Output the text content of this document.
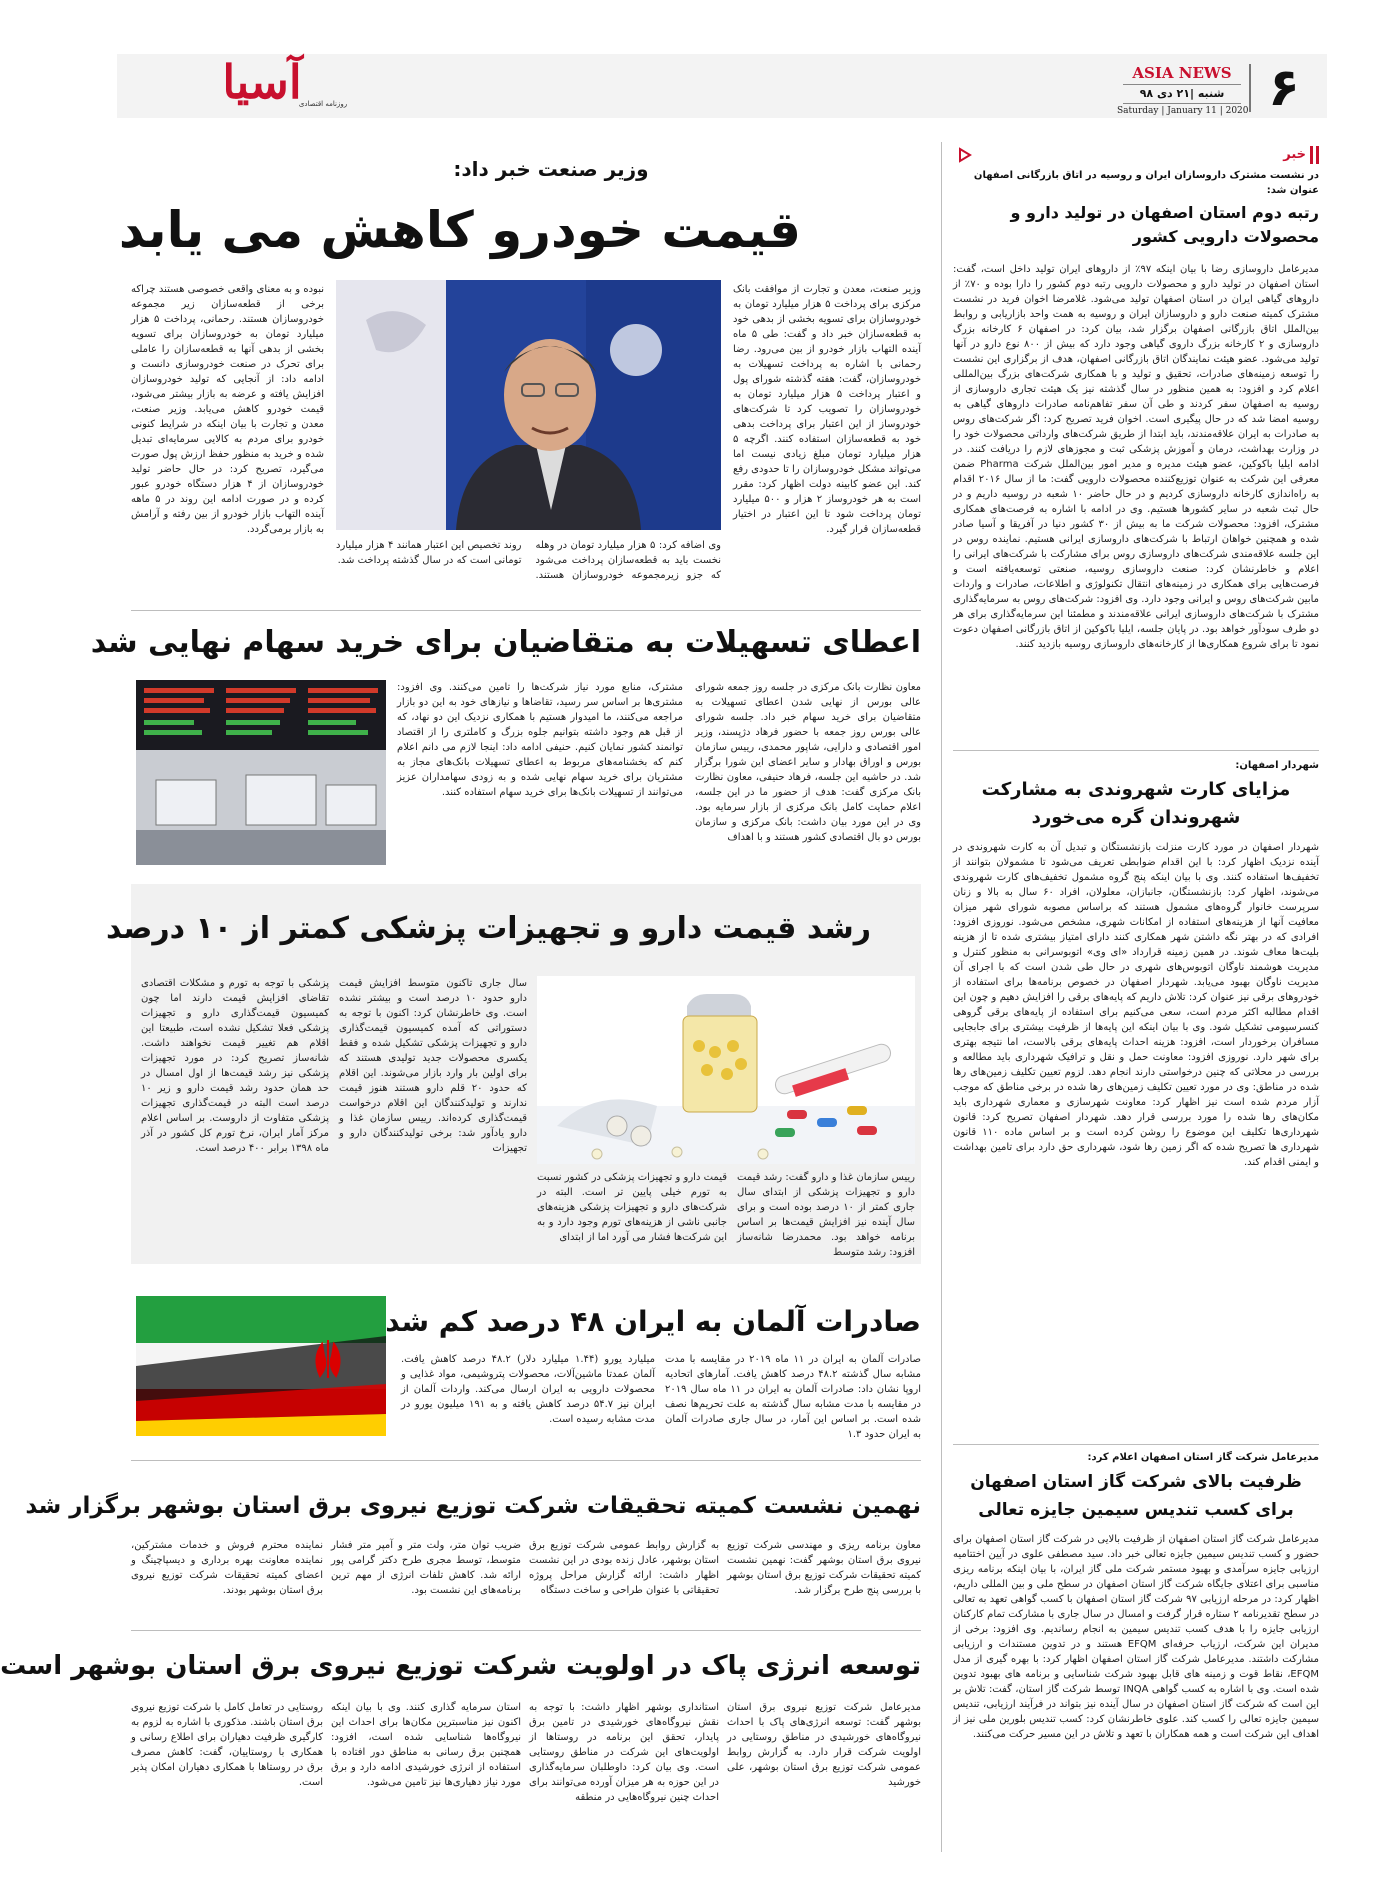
۶
ASIA NEWS
شنبه |۲۱ دی ۹۸
Saturday | January 11 | 2020
آسیا
روزنامه اقتصادی
خبر
در نشست مشترک داروسازان ایران و روسیه در اتاق بازرگانی اصفهان عنوان شد:
رتبه دوم استان اصفهان در تولید دارو و محصولات دارویی کشور
مدیرعامل داروسازی رضا با بیان اینکه ۹۷٪ از داروهای ایران تولید داخل است، گفت: استان اصفهان در تولید دارو و محصولات دارویی رتبه دوم کشور را دارا بوده و ۷۰٪ از داروهای گیاهی ایران در استان اصفهان تولید می‌شود. غلامرضا اخوان فرید در نشست مشترک کمیته صنعت دارو و داروسازان ایران و روسیه به همت واحد بازاریابی و روابط بین‌الملل اتاق بازرگانی اصفهان برگزار شد، بیان کرد: در اصفهان ۶ کارخانه بزرگ داروسازی و ۲ کارخانه بزرگ داروی گیاهی وجود دارد که بیش از ۸۰۰ نوع دارو در آنها تولید می‌شود. عضو هیئت نمایندگان اتاق بازرگانی اصفهان، هدف از برگزاری این نشست را توسعه زمینه‌های صادرات، تحقیق و تولید و با همکاری شرکت‌های بزرگ بین‌المللی اعلام کرد و افزود: به همین منظور در سال گذشته نیز یک هیئت تجاری داروسازی از روسیه به اصفهان سفر کردند و طی آن سفر تفاهم‌نامه صادرات داروهای گیاهی به روسیه امضا شد که در حال پیگیری است. اخوان فرید تصریح کرد: اگر شرکت‌های روس به صادرات به ایران علاقه‌مندند، باید ابتدا از طریق شرکت‌های وارداتی محصولات خود را در وزارت بهداشت، درمان و آموزش پزشکی ثبت و مجوزهای لازم را دریافت کنند. در ادامه ایلیا باکوکین، عضو هیئت مدیره و مدیر امور بین‌الملل شرکت Pharma ضمن معرفی این شرکت به عنوان توزیع‌کننده محصولات دارویی گفت: ما از سال ۲۰۱۶ اقدام به راه‌اندازی کارخانه داروسازی کردیم و در حال حاضر ۱۰ شعبه در روسیه داریم و در حال ثبت شعبه در سایر کشورها هستیم. وی در ادامه با اشاره به فرصت‌های همکاری مشترک، افزود: محصولات شرکت ما به بیش از ۳۰ کشور دنیا در آفریقا و آسیا صادر شده و همچنین خواهان ارتباط با شرکت‌های داروسازی ایرانی هستیم. نماینده روس در این جلسه علاقه‌مندی شرکت‌های داروسازی روس برای مشارکت با شرکت‌های ایرانی را اعلام و خاطرنشان کرد: صنعت داروسازی روسیه، صنعتی توسعه‌یافته است و فرصت‌هایی برای همکاری در زمینه‌های انتقال تکنولوژی و اطلاعات، صادرات و واردات مابین شرکت‌های روس و ایرانی وجود دارد. وی افزود: شرکت‌های روس به سرمایه‌گذاری مشترک با شرکت‌های داروسازی ایرانی علاقه‌مندند و مطمئنا این سرمایه‌گذاری برای هر دو طرف سودآور خواهد بود. در پایان جلسه، ایلیا باکوکین از اتاق بازرگانی اصفهان دعوت نمود تا برای شروع همکاری‌ها از کارخانه‌های داروسازی روسیه بازدید کنند.
شهردار اصفهان:
مزایای کارت شهروندی به مشارکت شهروندان گره می‌خورد
شهردار اصفهان در مورد کارت منزلت بازنشستگان و تبدیل آن به کارت شهروندی در آینده نزدیک اظهار کرد: با این اقدام ضوابطی تعریف می‌شود تا مشمولان بتوانند از تخفیف‌ها استفاده کنند. وی با بیان اینکه پنج گروه مشمول تخفیف‌های کارت شهروندی می‌شوند، اظهار کرد: بازنشستگان، جانبازان، معلولان، افراد ۶۰ سال به بالا و زنان سرپرست خانوار گروه‌های مشمول هستند که براساس مصوبه شورای شهر میزان معافیت آنها از هزینه‌های استفاده از امکانات شهری، مشخص می‌شود. نوروزی افزود: افرادی که در بهتر نگه داشتن شهر همکاری کنند دارای امتیاز بیشتری شده تا از هزینه بلیت‌ها معاف شوند. در همین زمینه قرارداد «ای وی» اتوبوسرانی به منظور کنترل و مدیریت هوشمند ناوگان اتوبوس‌های شهری در حال طی شدن است که با اجرای آن مدیریت ناوگان بهبود می‌یابد. شهردار اصفهان در خصوص برنامه‌ها برای استفاده از خودروهای برقی نیز عنوان کرد: تلاش داریم که پایه‌های برقی را افزایش دهیم و چون این اقدام مطالبه اکثر مردم است، سعی می‌کنیم برای استفاده از پایه‌های برقی گروهی کنسرسیومی تشکیل شود. وی با بیان اینکه این پایه‌ها از ظرفیت بیشتری برای جابجایی مسافران برخوردار است، افزود: هزینه احداث پایه‌های برقی بالاست، اما نتیجه بهتری برای شهر دارد. نوروزی افزود: معاونت حمل و نقل و ترافیک شهرداری باید مطالعه و بررسی در محلاتی که چنین درخواستی دارند انجام دهد. لزوم تعیین تکلیف زمین‌های رها شده در مناطق: وی در مورد تعیین تکلیف زمین‌های رها شده در برخی مناطق که موجب آزار مردم شده است نیز اظهار کرد: معاونت شهرسازی و معماری شهرداری باید مکان‌های رها شده را مورد بررسی قرار دهد. شهردار اصفهان تصریح کرد: قانون شهرداری‌ها تکلیف این موضوع را روشن کرده است و بر اساس ماده ۱۱۰ قانون شهرداری ها تصریح شده که اگر زمین رها شود، شهرداری حق دارد برای تامین بهداشت و ایمنی اقدام کند.
مدیرعامل شرکت گاز استان اصفهان اعلام کرد:
ظرفیت بالای شرکت گاز استان اصفهان برای کسب تندیس سیمین جایزه تعالی
مدیرعامل شرکت گاز استان اصفهان از ظرفیت بالایی در شرکت گاز استان اصفهان برای حضور و کسب تندیس سیمین جایزه تعالی خبر داد. سید مصطفی علوی در آیین اختتامیه ارزیابی جایزه سرآمدی و بهبود مستمر شرکت ملی گاز ایران، با بیان اینکه برنامه ریزی مناسبی برای اعتلای جایگاه شرکت گاز استان اصفهان در سطح ملی و بین المللی داریم، اظهار کرد: در مرحله ارزیابی ۹۷ شرکت گاز استان اصفهان با کسب گواهی تعهد به تعالی در سطح تقدیرنامه ۲ ستاره قرار گرفت و امسال در سال جاری با مشارکت تمام کارکنان ارزیابی جایزه را با هدف کسب تندیس سیمین به انجام رساندیم. وی افزود: برخی از مدیران این شرکت، ارزیاب حرفه‌ای EFQM هستند و در تدوین مستندات و ارزیابی مشارکت داشتند. مدیرعامل شرکت گاز استان اصفهان اظهار کرد: با بهره گیری از مدل EFQM، نقاط قوت و زمینه های قابل بهبود شرکت شناسایی و برنامه های بهبود تدوین شده است. وی با اشاره به کسب گواهی INQA توسط شرکت گاز استان، گفت: تلاش بر این است که شرکت گاز استان اصفهان در سال آینده نیز بتواند در فرآیند ارزیابی، تندیس سیمین جایزه تعالی را کسب کند. علوی خاطرنشان کرد: کسب تندیس بلورین ملی نیز از اهداف این شرکت است و همه همکاران با تعهد و تلاش در این مسیر حرکت می‌کنند.
وزیر صنعت خبر داد:
قیمت خودرو کاهش می یابد
وزیر صنعت، معدن و تجارت از موافقت بانک مرکزی برای پرداخت ۵ هزار میلیارد تومان به خودروسازان برای تسویه بخشی از بدهی خود به قطعه‌سازان خبر داد و گفت: طی ۵ ماه آینده التهاب بازار خودرو از بین می‌رود. رضا رحمانی با اشاره به پرداخت تسهیلات به خودروسازان، گفت: هفته گذشته شورای پول و اعتبار پرداخت ۵ هزار میلیارد تومان به خودروسازان را تصویب کرد تا شرکت‌های خودروساز از این اعتبار برای پرداخت بدهی خود به قطعه‌سازان استفاده کنند. اگرچه ۵ هزار میلیارد تومان مبلغ زیادی نیست اما می‌تواند مشکل خودروسازان را تا حدودی رفع کند. این عضو کابینه دولت اظهار کرد: مقرر است به هر خودروساز ۲ هزار و ۵۰۰ میلیارد تومان پرداخت شود تا این اعتبار در اختیار قطعه‌سازان قرار گیرد.
وی اضافه کرد: ۵ هزار میلیارد تومان در وهله نخست باید به قطعه‌سازان پرداخت می‌شود که جزو زیرمجموعه خودروسازان هستند. روند تخصیص این اعتبار همانند ۴ هزار میلیارد تومانی است که در سال گذشته پرداخت شد.
نبوده و به معنای واقعی خصوصی هستند چراکه برخی از قطعه‌سازان زیر مجموعه خودروسازان هستند. رحمانی، پرداخت ۵ هزار میلیارد تومان به خودروسازان برای تسویه بخشی از بدهی آنها به قطعه‌سازان را عاملی برای تحرک در صنعت خودروسازی دانست و ادامه داد: از آنجایی که تولید خودروسازان افزایش یافته و عرضه به بازار بیشتر می‌شود، قیمت خودرو کاهش می‌یابد. وزیر صنعت، معدن و تجارت با بیان اینکه در شرایط کنونی خودرو برای مردم به کالایی سرمایه‌ای تبدیل شده و خرید به منظور حفظ ارزش پول صورت می‌گیرد، تصریح کرد: در حال حاضر تولید خودروسازان از ۴ هزار دستگاه خودرو عبور کرده و در صورت ادامه این روند در ۵ ماهه آینده التهاب بازار خودرو از بین رفته و آرامش به بازار برمی‌گردد.
اعطای تسهیلات به متقاضیان برای خرید سهام نهایی شد
معاون نظارت بانک مرکزی در جلسه روز جمعه شورای عالی بورس از نهایی شدن اعطای تسهیلات به متقاضیان برای خرید سهام خبر داد. جلسه شورای عالی بورس روز جمعه با حضور فرهاد دژپسند، وزیر امور اقتصادی و دارایی، شاپور محمدی، رییس سازمان بورس و اوراق بهادار و سایر اعضای این شورا برگزار شد. در حاشیه این جلسه، فرهاد حنیفی، معاون نظارت بانک مرکزی گفت: هدف از حضور ما در این جلسه، اعلام حمایت کامل بانک مرکزی از بازار سرمایه بود. وی در این مورد بیان داشت: بانک مرکزی و سازمان بورس دو بال اقتصادی کشور هستند و با اهداف
مشترک، منابع مورد نیاز شرکت‌ها را تامین می‌کنند. وی افزود: مشتری‌ها بر اساس سر رسید، تقاضاها و نیازهای خود به این دو بازار مراجعه می‌کنند، ما امیدوار هستیم با همکاری نزدیک این دو نهاد، که از قبل هم وجود داشته بتوانیم جلوه بزرگ و کاملتری را از اقتصاد توانمند کشور نمایان کنیم. حنیفی ادامه داد: اینجا لازم می دانم اعلام کنم که بخشنامه‌های مربوط به اعطای تسهیلات بانک‌های مجاز به مشتریان برای خرید سهام نهایی شده و به زودی سهامداران عزیز می‌توانند از تسهیلات بانک‌ها برای خرید سهام استفاده کنند.
رشد قیمت دارو و تجهیزات پزشکی کمتر از ۱۰ درصد
رییس سازمان غذا و دارو گفت: رشد قیمت دارو و تجهیزات پزشکی از ابتدای سال جاری کمتر از ۱۰ درصد بوده است و برای سال آینده نیز افزایش قیمت‌ها بر اساس برنامه خواهد بود. محمدرضا شانه‌ساز افزود: رشد متوسط
قیمت دارو و تجهیزات پزشکی در کشور نسبت به تورم خیلی پایین تر است. البته در شرکت‌های دارو و تجهیزات پزشکی هزینه‌های جانبی ناشی از هزینه‌های تورم وجود دارد و به این شرکت‌ها فشار می آورد اما از ابتدای
سال جاری تاکنون متوسط افزایش قیمت دارو حدود ۱۰ درصد است و بیشتر نشده است. وی خاطرنشان کرد: اکنون با توجه به دستوراتی که آمده کمیسیون قیمت‌گذاری دارو و تجهیزات پزشکی تشکیل شده و فقط یکسری محصولات جدید تولیدی هستند که برای اولین بار وارد بازار می‌شوند. این اقلام که حدود ۲۰ قلم دارو هستند هنوز قیمت ندارند و تولیدکنندگان این اقلام درخواست قیمت‌گذاری کرده‌اند. رییس سازمان غذا و دارو یادآور شد: برخی تولیدکنندگان دارو و تجهیزات
پزشکی با توجه به تورم و مشکلات اقتصادی تقاضای افزایش قیمت دارند اما چون کمیسیون قیمت‌گذاری دارو و تجهیزات پزشکی فعلا تشکیل نشده است، طبیعتا این اقلام هم تغییر قیمت نخواهند داشت. شانه‌ساز تصریح کرد: در مورد تجهیزات پزشکی نیز رشد قیمت‌ها از اول امسال در حد همان حدود رشد قیمت دارو و زیر ۱۰ درصد است البته در قیمت‌گذاری تجهیزات پزشکی متفاوت از داروست. بر اساس اعلام مرکز آمار ایران، نرخ تورم کل کشور در آذر ماه ۱۳۹۸ برابر ۴۰۰ درصد است.
صادرات آلمان به ایران ۴۸ درصد کم شد
صادرات آلمان به ایران در ۱۱ ماه ۲۰۱۹ در مقایسه با مدت مشابه سال گذشته ۴۸.۲ درصد کاهش یافت. آمارهای اتحادیه اروپا نشان داد: صادرات آلمان به ایران در ۱۱ ماه سال ۲۰۱۹ در مقایسه با مدت مشابه سال گذشته به علت تحریم‌ها نصف شده است. بر اساس این آمار، در سال جاری صادرات آلمان به ایران حدود ۱.۳
میلیارد یورو (۱.۴۴ میلیارد دلار) ۴۸.۲ درصد کاهش یافت. آلمان عمدتا ماشین‌آلات، محصولات پتروشیمی، مواد غذایی و محصولات دارویی به ایران ارسال می‌کند. واردات آلمان از ایران نیز ۵۴.۷ درصد کاهش یافته و به ۱۹۱ میلیون یورو در مدت مشابه رسیده است.
نهمین نشست کمیته تحقیقات شرکت توزیع نیروی برق استان بوشهر برگزار شد
معاون برنامه ریزی و مهندسی شرکت توزیع نیروی برق استان بوشهر گفت: نهمین نشست کمیته تحقیقات شرکت توزیع برق استان بوشهر با بررسی پنج طرح برگزار شد.
به گزارش روابط عمومی شرکت توزیع برق استان بوشهر، عادل زنده بودی در این نشست اظهار داشت: ارائه گزارش مراحل پروژه تحقیقاتی با عنوان طراحی و ساخت دستگاه
ضریب توان متر، ولت متر و آمپر متر فشار متوسط، توسط مجری طرح دکتر گرامی پور ارائه شد. کاهش تلفات انرژی از مهم ترین برنامه‌های این نشست بود.
نماینده محترم فروش و خدمات مشترکین، نماینده معاونت بهره برداری و دیسپاچینگ و اعضای کمیته تحقیقات شرکت توزیع نیروی برق استان بوشهر بودند.
توسعه انرژی پاک در اولویت شرکت توزیع نیروی برق استان بوشهر است
مدیرعامل شرکت توزیع نیروی برق استان بوشهر گفت: توسعه انرژی‌های پاک با احداث نیروگاه‌های خورشیدی در مناطق روستایی در اولویت شرکت قرار دارد. به گزارش روابط عمومی شرکت توزیع برق استان بوشهر، علی خورشید
استانداری بوشهر اظهار داشت: با توجه به نقش نیروگاه‌های خورشیدی در تامین برق پایدار، تحقق این برنامه در روستاها از اولویت‌های این شرکت در مناطق روستایی است. وی بیان کرد: داوطلبان سرمایه‌گذاری در این حوزه به هر میزان آورده می‌توانند برای احداث چنین نیروگاه‌هایی در منطقه
استان سرمایه گذاری کنند. وی با بیان اینکه اکنون نیز مناسبترین مکان‌ها برای احداث این نیروگاه‌ها شناسایی شده است، افزود: همچنین برق رسانی به مناطق دور افتاده با استفاده از انرژی خورشیدی ادامه دارد و برق مورد نیاز دهیاری‌ها نیز تامین می‌شود.
روستایی در تعامل کامل با شرکت توزیع نیروی برق استان باشند. مذکوری با اشاره به لزوم به کارگیری ظرفیت دهیاران برای اطلاع رسانی و همکاری با روستاییان، گفت: کاهش مصرف برق در روستاها با همکاری دهیاران امکان پذیر است.
